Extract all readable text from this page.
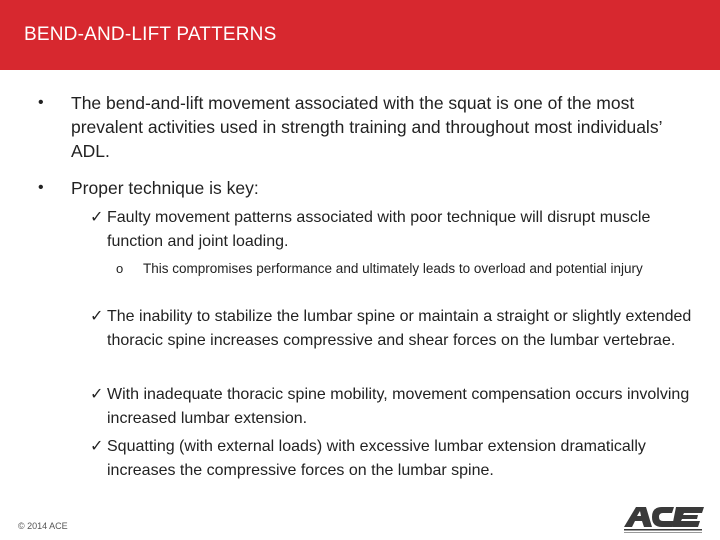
BEND-AND-LIFT PATTERNS
• The bend-and-lift movement associated with the squat is one of the most prevalent activities used in strength training and throughout most individuals’ ADL.
• Proper technique is key:
✓ Faulty movement patterns associated with poor technique will disrupt muscle function and joint loading.
o This compromises performance and ultimately leads to overload and potential injury
✓ The inability to stabilize the lumbar spine or maintain a straight or slightly extended thoracic spine increases compressive and shear forces on the lumbar vertebrae.
✓ With inadequate thoracic spine mobility, movement compensation occurs involving increased lumbar extension.
✓ Squatting (with external loads) with excessive lumbar extension dramatically increases the compressive forces on the lumbar spine.
© 2014 ACE
